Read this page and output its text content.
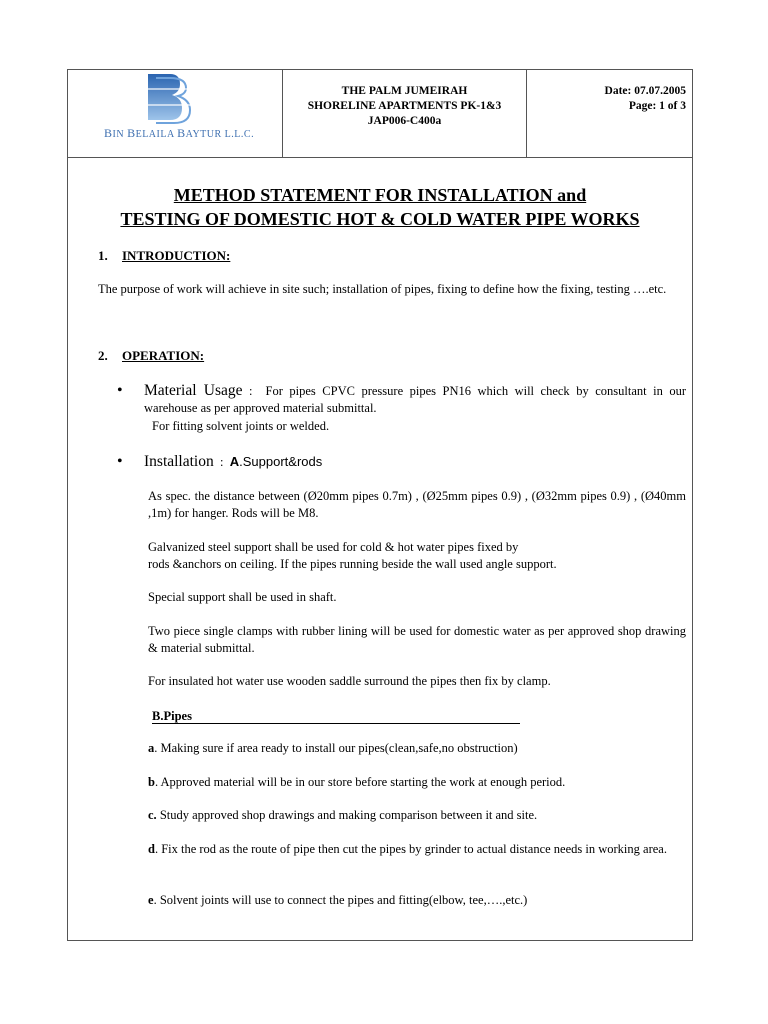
BIN BELAILA BAYTUR L.L.C.
THE PALM JUMEIRAH
SHORELINE APARTMENTS PK-1&3
JAP006-C400a
Date: 07.07.2005
Page: 1 of 3
METHOD STATEMENT FOR INSTALLATION and
TESTING OF DOMESTIC HOT & COLD WATER PIPE WORKS
1. INTRODUCTION:
The purpose of work will achieve in site such; installation of pipes, fixing to define how the fixing, testing ….etc.
2. OPERATION:
• Material Usage : For pipes CPVC pressure pipes PN16 which will check by consultant in our warehouse as per approved material submittal.
For fitting solvent joints or welded.
• Installation : A.Support&rods
As spec. the distance between (Ø20mm pipes 0.7m) , (Ø25mm pipes 0.9) , (Ø32mm pipes 0.9) , (Ø40mm ,1m) for hanger. Rods will be M8.
Galvanized steel support shall be used for cold & hot water pipes fixed by
rods &anchors on ceiling. If the pipes running beside the wall used angle support.
Special support shall be used in shaft.
Two piece single clamps with rubber lining will be used for domestic water as per approved shop drawing & material submittal.
For insulated hot water use wooden saddle surround the pipes then fix by clamp.
B.Pipes
a. Making sure if area ready to install our pipes(clean,safe,no obstruction)
b. Approved material will be in our store before starting the work at enough period.
c. Study approved shop drawings and making comparison between it and site.
d. Fix the rod as the route of pipe then cut the pipes by grinder to actual distance needs in working area.
e. Solvent joints will use to connect the pipes and fitting(elbow, tee,….,etc.)
